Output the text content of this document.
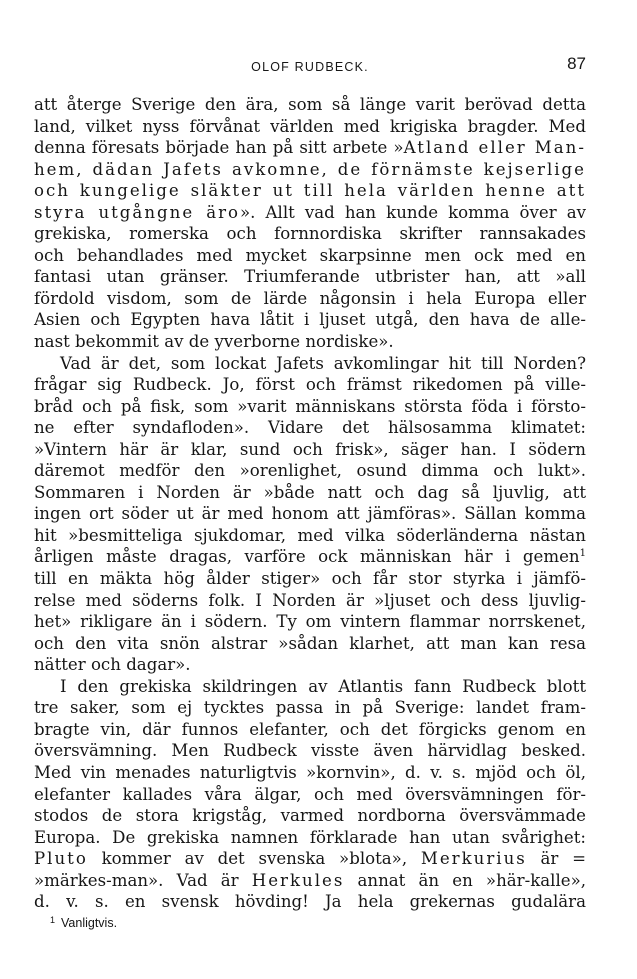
OLOF RUDBECK.	87
att återge Sverige den ära, som så länge varit berövad detta
land, vilket nyss förvånat världen med krigiska bragder. Med
denna föresats började han på sitt arbete »Atland eller Man-
hem, dädan Jafets avkomne, de förnämste kejserlige
och kungelige släkter ut till hela världen henne att
styra utgångne äro». Allt vad han kunde komma över av
grekiska, romerska och fornnordiska skrifter rannsakades
och behandlades med mycket skarpsinne men ock med en
fantasi utan gränser. Triumferande utbrister han, att »all
fördold visdom, som de lärde någonsin i hela Europa eller
Asien och Egypten hava låtit i ljuset utgå, den hava de alle-
nast bekommit av de yverborne nordiske».
Vad är det, som lockat Jafets avkomlingar hit till Norden?
frågar sig Rudbeck. Jo, först och främst rikedomen på ville-
bråd och på fisk, som »varit människans största föda i försto-
ne efter syndafloden». Vidare det hälsosamma klimatet:
»Vintern här är klar, sund och frisk», säger han. I södern
däremot medför den »orenlighet, osund dimma och lukt».
Sommaren i Norden är »både natt och dag så ljuvlig, att
ingen ort söder ut är med honom att jämföras». Sällan komma
hit »besmitteliga sjukdomar, med vilka söderländerna nästan
årligen måste dragas, varföre ock människan här i gemen$^1$
till en mäkta hög ålder stiger» och får stor styrka i jämfö-
relse med söderns folk. I Norden är »ljuset och dess ljuvlig-
het» rikligare än i södern. Ty om vintern flammar norrskenet,
och den vita snön alstrar »sådan klarhet, att man kan resa
nätter och dagar».
I den grekiska skildringen av Atlantis fann Rudbeck blott
tre saker, som ej tycktes passa in på Sverige: landet fram-
bragte vin, där funnos elefanter, och det förgicks genom en
översvämning. Men Rudbeck visste även härvidlag besked.
Med vin menades naturligtvis »kornvin», d. v. s. mjöd och öl,
elefanter kallades våra älgar, och med översvämningen för-
stodos de stora krigståg, varmed nordborna översvämmade
Europa. De grekiska namnen förklarade han utan svårighet:
Pluto kommer av det svenska »blota», Merkurius är =
»märkes-man». Vad är Herkules annat än en »här-kalle»,
d. v. s. en svensk hövding! Ja hela grekernas gudalära
$^1$ Vanligtvis.
